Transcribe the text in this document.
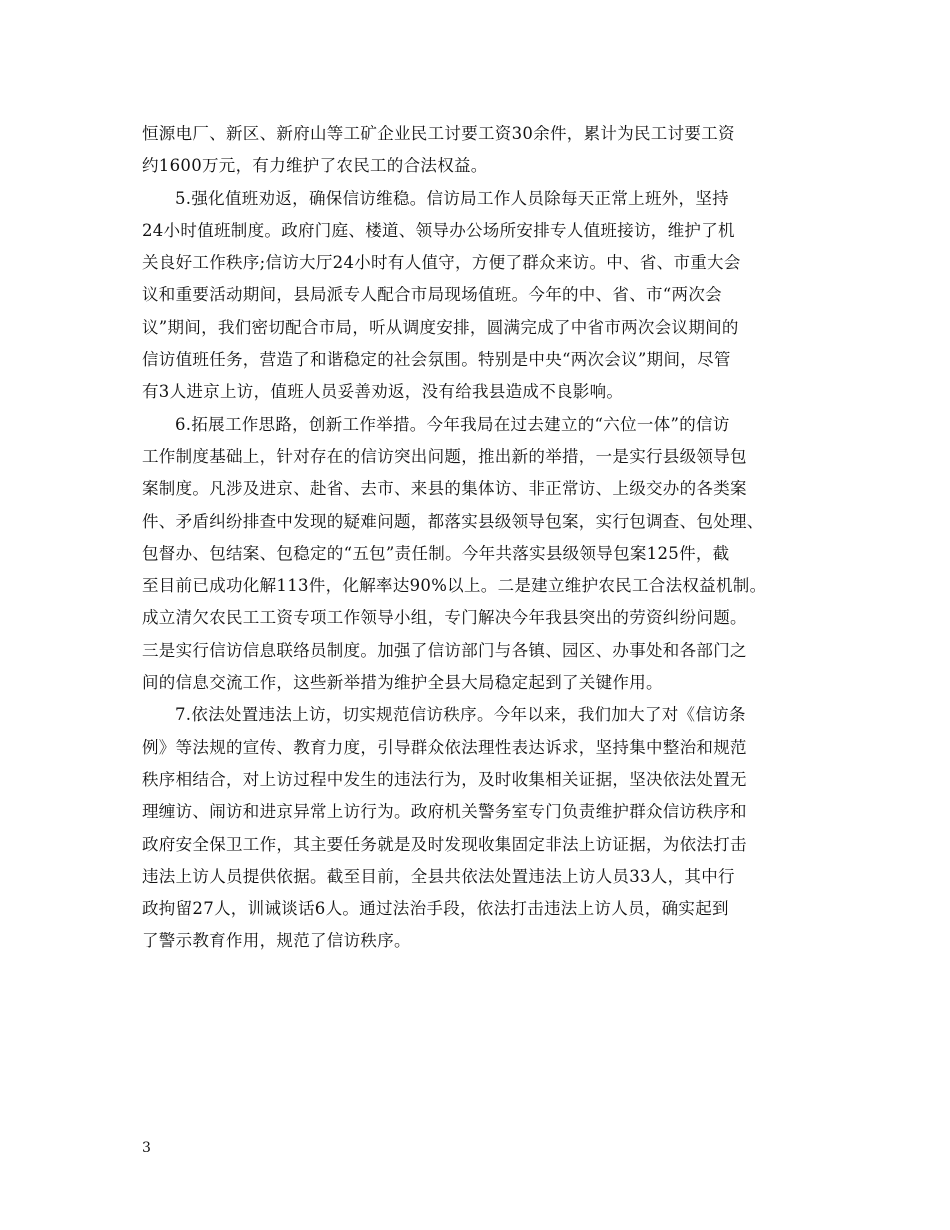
恒源电厂、新区、新府山等工矿企业民工讨要工资30余件，累计为民工讨要工资
约1600万元，有力维护了农民工的合法权益。
5.强化值班劝返，确保信访维稳。信访局工作人员除每天正常上班外，坚持
24小时值班制度。政府门庭、楼道、领导办公场所安排专人值班接访，维护了机
关良好工作秩序;信访大厅24小时有人值守，方便了群众来访。中、省、市重大会
议和重要活动期间，县局派专人配合市局现场值班。今年的中、省、市“两次会
议”期间，我们密切配合市局，听从调度安排，圆满完成了中省市两次会议期间的
信访值班任务，营造了和谐稳定的社会氛围。特别是中央“两次会议”期间，尽管
有3人进京上访，值班人员妥善劝返，没有给我县造成不良影响。
6.拓展工作思路，创新工作举措。今年我局在过去建立的“六位一体”的信访
工作制度基础上，针对存在的信访突出问题，推出新的举措，一是实行县级领导包
案制度。凡涉及进京、赴省、去市、来县的集体访、非正常访、上级交办的各类案
件、矛盾纠纷排查中发现的疑难问题，都落实县级领导包案，实行包调查、包处理、
包督办、包结案、包稳定的“五包”责任制。今年共落实县级领导包案125件，截
至目前已成功化解113件，化解率达90%以上。二是建立维护农民工合法权益机制。
成立清欠农民工工资专项工作领导小组，专门解决今年我县突出的劳资纠纷问题。
三是实行信访信息联络员制度。加强了信访部门与各镇、园区、办事处和各部门之
间的信息交流工作，这些新举措为维护全县大局稳定起到了关键作用。
7.依法处置违法上访，切实规范信访秩序。今年以来，我们加大了对《信访条
例》等法规的宣传、教育力度，引导群众依法理性表达诉求，坚持集中整治和规范
秩序相结合，对上访过程中发生的违法行为，及时收集相关证据，坚决依法处置无
理缠访、闹访和进京异常上访行为。政府机关警务室专门负责维护群众信访秩序和
政府安全保卫工作，其主要任务就是及时发现收集固定非法上访证据，为依法打击
违法上访人员提供依据。截至目前，全县共依法处置违法上访人员33人，其中行
政拘留27人，训诫谈话6人。通过法治手段，依法打击违法上访人员，确实起到
了警示教育作用，规范了信访秩序。
3
